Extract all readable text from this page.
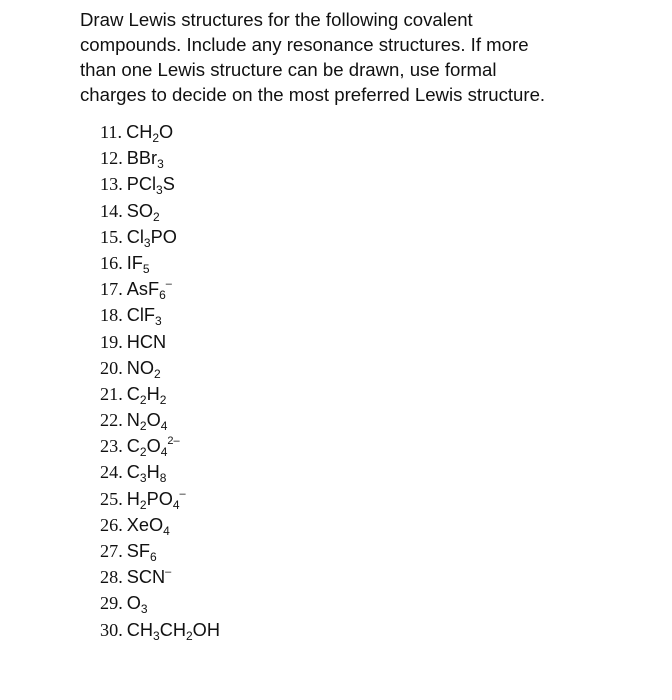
Draw Lewis structures for the following covalent
compounds. Include any resonance structures. If more
than one Lewis structure can be drawn, use formal
charges to decide on the most preferred Lewis structure.
11. $CH_2O$
12. BBr$_3$
13. PCl$_3$S
14. $SO_2$
15. $Cl_3PO$
16. $IF_5$
17. AsF$_6$–
18. ClF$_3$
19. HCN
20. $NO_2$
21. $C_2H_2$
22. $N_2O_4$
23. $C_2O_4^{2-}$
24. $C_3H_8$
25. $H_2PO_4^-$
26. XeO$_4$
27. $SF_6$
28. SCN–
29. $O_3$
30. $CH_3CH_2OH$
